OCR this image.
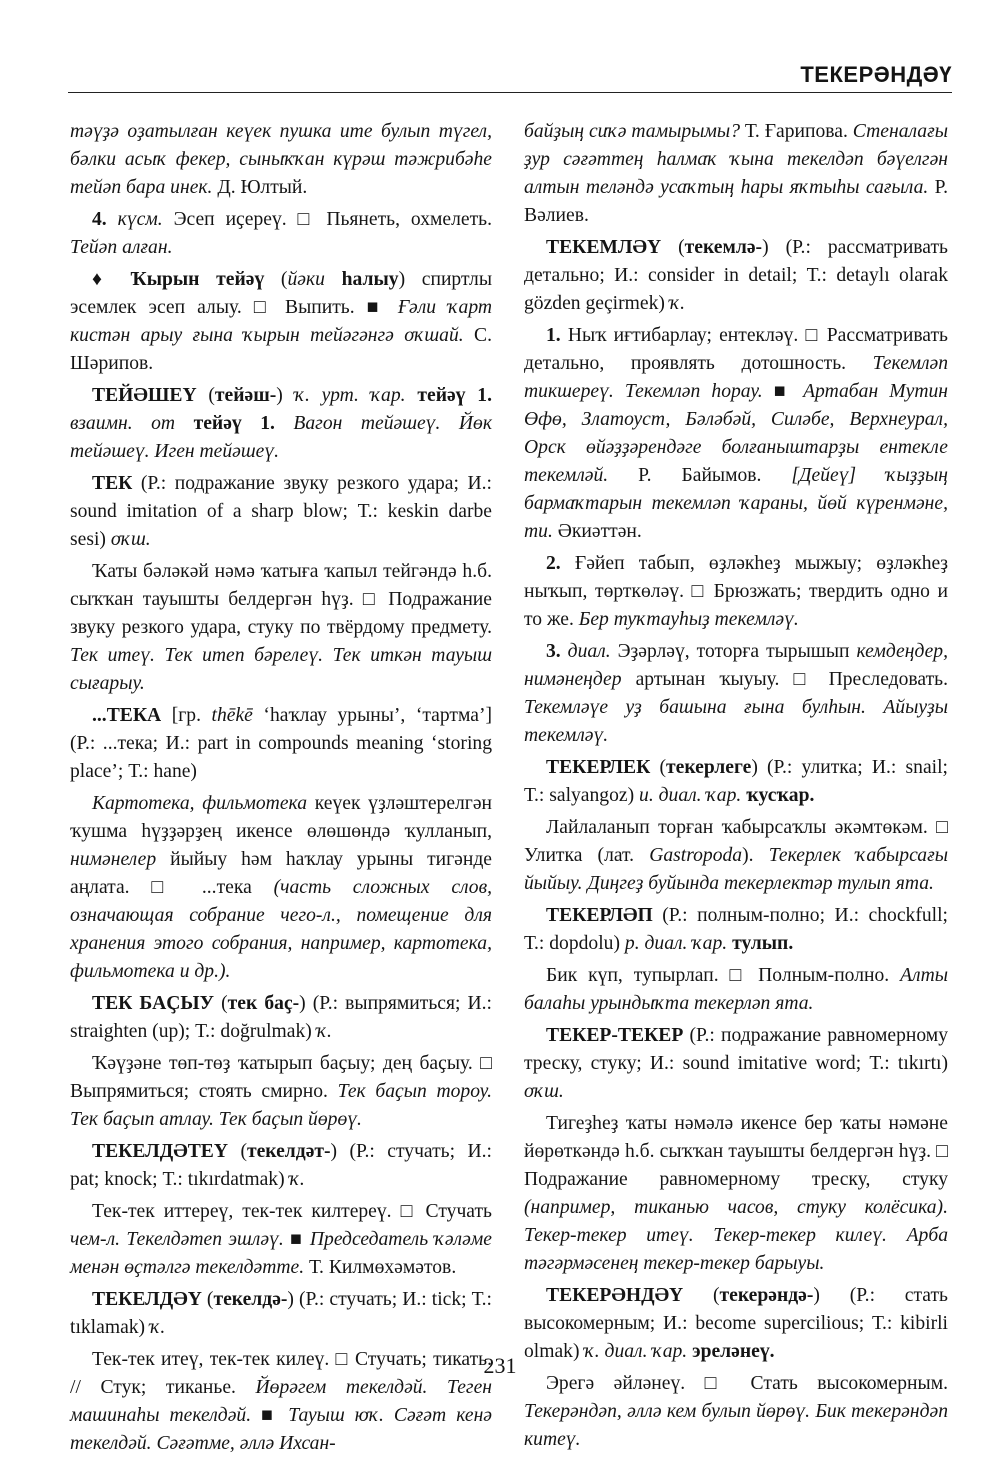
ТЕКЕРӘНДӘҮ

тәүҙә оҙатылған кеүек пушка ите булып түгел, бәлки асыҡ фекер, сыныҡҡан күрәш тәжрибәһе тейәп бара инек. Д. Юлтый.

4. күсм. Эсеп иҫереү. □ Пьянеть, охмелеть. Тейәп алған.

♦ Ҡырын тейәү (йәки һалыу) спиртлы эсемлек эсеп алыу. □ Выпить. ■ Ғәли ҡарт кистән арыу ғына ҡырын тейәгәнгә оҡшай. С. Шәрипов.

ТЕЙӘШЕҮ (тейәш-) ҡ. урт. ҡар. тейәү 1. взаимн. от тейәү 1. Вагон тейәшеү. Йөк тейәшеү. Иген тейәшеү.

ТЕК (Р.: подражание звуку резкого удара; И.: sound imitation of a sharp blow; Т.: keskin darbe sesi) оҡш.

Ҡаты бәләкәй нәмә ҡатыға ҡапыл тейгәндә һ.б. сыҡҡан тауышты белдергән һүҙ. □ Подражание звуку резкого удара, стуку по твёрдому предмету. Тек итеү. Тек итеп бәрелеү. Тек иткән тауыш сығарыу.

...ТЕКА [гр. thēkē ‘һаҡлау урыны’, ‘тартма’] (Р.: ...тека; И.: part in compounds meaning ‘storing place’; Т.: hane)

Картотека, фильмотека кеүек үҙләштерелгән ҡушма һүҙҙәрҙең икенсе өлөшөндә ҡулланып, нимәнелер йыйыу һәм һаҡлау урыны тигәнде аңлата. □ ...тека (часть сложных слов, означающая собрание чего-л., помещение для хранения этого собрания, например, картотека, фильмотека и др.).

ТЕК БАҪЫУ (тек баҫ-) (Р.: выпрямиться; И.: straighten (up); Т.: doğrulmak) ҡ.

Ҡәүҙәне төп-төҙ ҡатырып баҫыу; дең баҫыу. □ Выпрямиться; стоять смирно. Тек баҫып тороу. Тек баҫып атлау. Тек баҫып йөрөү.

ТЕКЕЛДӘТЕҮ (текелдәт-) (Р.: стучать; И.: pat; knock; Т.: tıkırdatmak) ҡ.

Тек-тек иттереү, тек-тек килтереү. □ Стучать чем-л. Текелдәтеп эшләү. ■ Председатель ҡәләме менән өҫтәлгә текелдәтте. Т. Килмөхәмәтов.

ТЕКЕЛДӘҮ (текелдә-) (Р.: стучать; И.: tick; Т.: tıklamak) ҡ.

Тек-тек итеү, тек-тек килеү. □ Стучать; тикать. // Стук; тиканье. Йөрәгем текелдәй. Теген машинаһы текелдәй. ■ Тауыш юҡ. Сәғәт кенә текелдәй. Сәғәтме, әллә Ихсан-

байҙың сиҡә тамырымы? Т. Ғарипова. Стеналағы ҙур сәғәттең һалмаҡ ҡына текелдәп бәүелгән алтын теләндә усаҡтың һары яҡтыһы сағыла. Р. Вәлиев.

ТЕКЕМЛӘҮ (текемлә-) (Р.: рассматривать детально; И.: consider in detail; Т.: detaylı olarak gözden geçirmek) ҡ.

1. Ныҡ иғтибарлау; ентекләү. □ Рассматривать детально, проявлять дотошность. Текемләп тикшереү. Текемләп һорау. ■ Артабан Мутин Өфө, Златоуст, Бәләбәй, Силәбе, Верхнеурал, Орск өйәҙҙәрендәге болғаныштарҙы ентекле текемләй. Р. Байымов. [Дейеү] ҡыҙҙың бармаҡтарын текемләп ҡараны, йөй күренмәне, ти. Әкиәттән.

2. Ғәйеп табып, өҙләкһеҙ мыжыу; өҙләкһеҙ ныҡып, төрткөләү. □ Брюзжать; твердить одно и то же. Бер туҡтауһыҙ текемләү.

3. диал. Эҙәрләү, тоторға тырышып кемдеңдер, нимәнеңдер артынан ҡыуыу. □ Преследовать. Текемләүе уҙ башына ғына булһын. Айыуҙы текемләү.

ТЕКЕРЛЕК (текерлеге) (Р.: улитка; И.: snail; Т.: salyangoz) и. диал. ҡар. ҡусҡар.

Лайлаланып торған ҡабырсаҡлы әкәмтөкәм. □ Улитка (лат. Gastropoda). Текерлек ҡабырсағы йыйыу. Диңгеҙ буйында текерлектәр тулып ята.

ТЕКЕРЛӘП (Р.: полным-полно; И.: chockfull; Т.: dopdolu) р. диал. ҡар. тулып.

Бик күп, тупырлап. □ Полным-полно. Алты балаһы урындыҡта текерләп ята.

ТЕКЕР-ТЕКЕР (Р.: подражание равномерному треску, стуку; И.: sound imitative word; Т.: tıkırtı) оҡш.

Тигеҙһеҙ ҡаты нәмәлә икенсе бер ҡаты нәмәне йөрөткәндә һ.б. сыҡҡан тауышты белдергән һүҙ. □ Подражание равномерному треску, стуку (например, тиканью часов, стуку колёсика). Текер-текер итеү. Текер-текер килеү. Арба тәгәрмәсенең текер-текер барыуы.

ТЕКЕРӘНДӘҮ (текерәндә-) (Р.: стать высокомерным; И.: become supercilious; Т.: kibirli olmak) ҡ. диал. ҡар. эреләнеү.

Эрегә әйләнеү. □ Стать высокомерным. Текерәндәп, әллә кем булып йөрөү. Бик текерәндәп китеү.

231
